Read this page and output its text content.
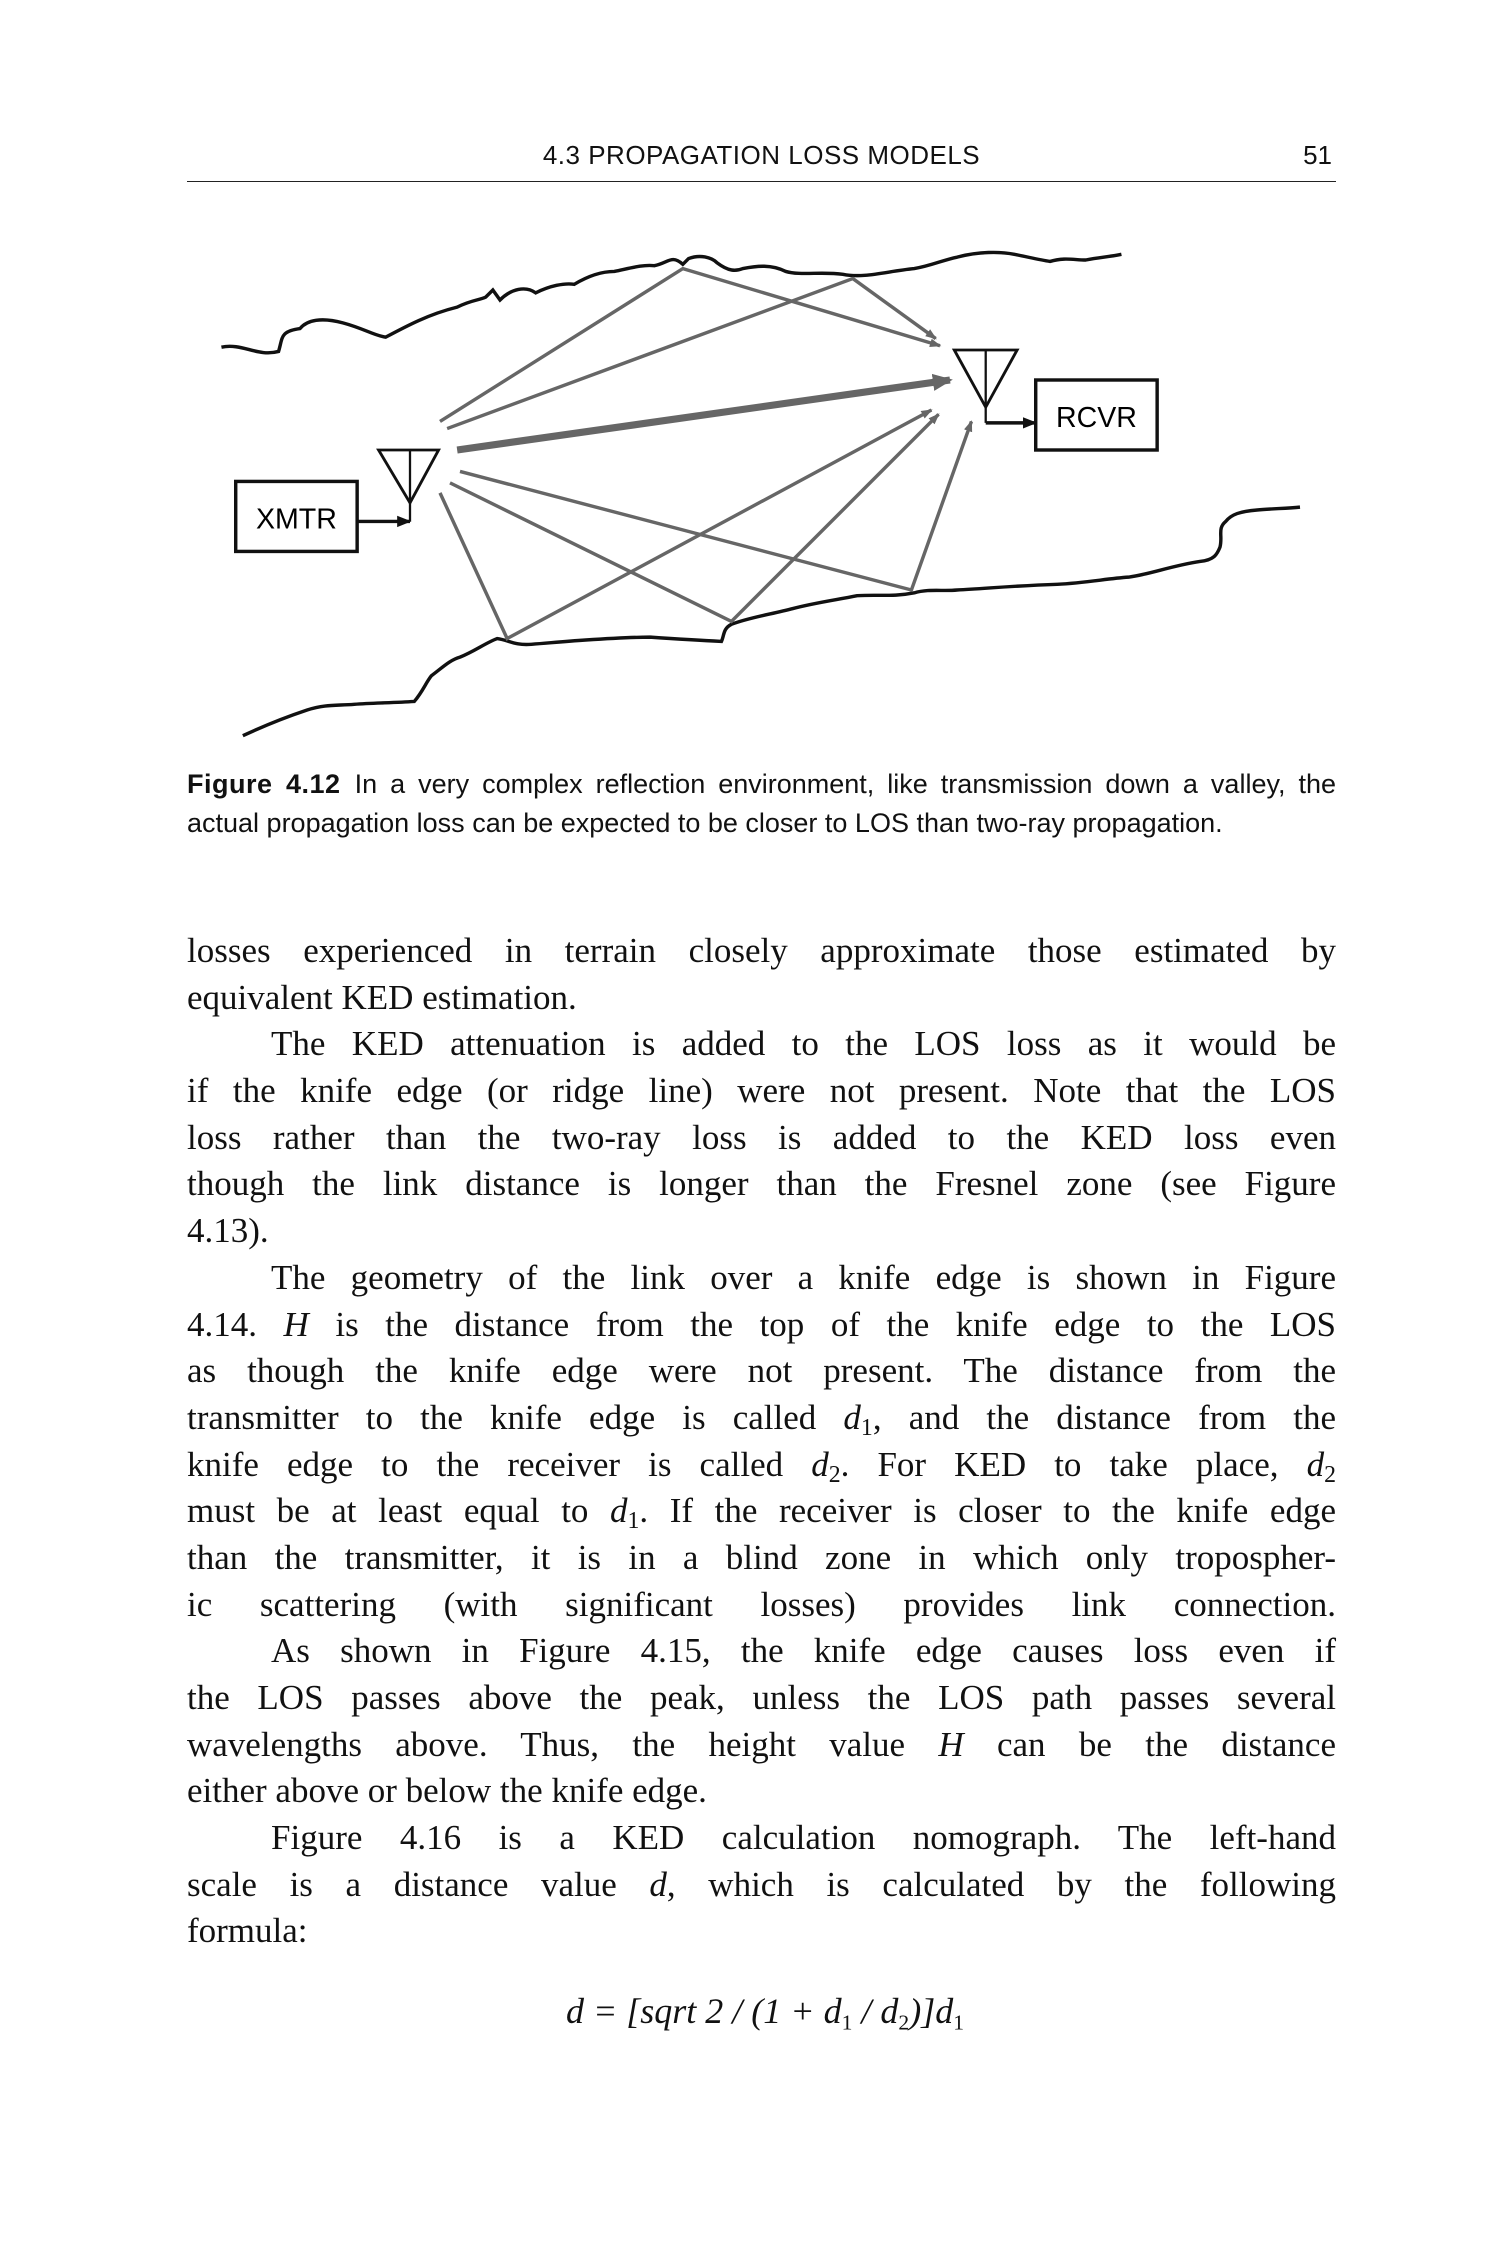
4.3 PROPAGATION LOSS MODELS	51
XMTR
RCVR
Figure 4.12 In a very complex reflection environment, like transmission down a valley, the actual propagation loss can be expected to be closer to LOS than two-ray propagation.
losses experienced in terrain closely approximate those estimated by
equivalent KED estimation.
The KED attenuation is added to the LOS loss as it would be
if the knife edge (or ridge line) were not present. Note that the LOS
loss rather than the two-ray loss is added to the KED loss even
though the link distance is longer than the Fresnel zone (see Figure
4.13).
The geometry of the link over a knife edge is shown in Figure
4.14. H is the distance from the top of the knife edge to the LOS
as though the knife edge were not present. The distance from the
transmitter to the knife edge is called $d_1$, and the distance from the
knife edge to the receiver is called $d_2$. For KED to take place, $d_2$
must be at least equal to $d_1$. If the receiver is closer to the knife edge
than the transmitter, it is in a blind zone in which only tropospher-
ic scattering (with significant losses) provides link connection.
As shown in Figure 4.15, the knife edge causes loss even if
the LOS passes above the peak, unless the LOS path passes several
wavelengths above. Thus, the height value H can be the distance
either above or below the knife edge.
Figure 4.16 is a KED calculation nomograph. The left-hand
scale is a distance value d, which is calculated by the following
formula:
d = [sqrt $2 / (1 + d_1 / d_2)]d_1$
